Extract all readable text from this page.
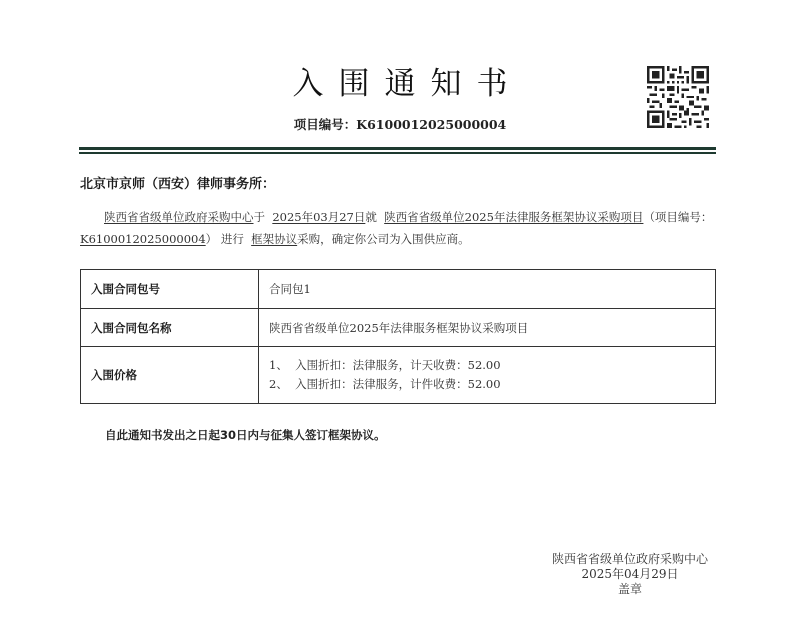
入围通知书
项目编号：K6100012025000004
北京市京师（西安）律师事务所：
陕西省省级单位政府采购中心于 2025年03月27日就 陕西省省级单位2025年法律服务框架协议采购项目（项目编号：K6100012025000004） 进行 框架协议采购，确定你公司为入围供应商。
入围合同包号	合同包1
入围合同包名称	陕西省省级单位2025年法律服务框架协议采购项目
入围价格	1、  入围折扣：法律服务，计天收费：52.00
2、  入围折扣：法律服务，计件收费：52.00
自此通知书发出之日起30日内与征集人签订框架协议。
陕西省省级单位政府采购中心
2025年04月29日
盖章
